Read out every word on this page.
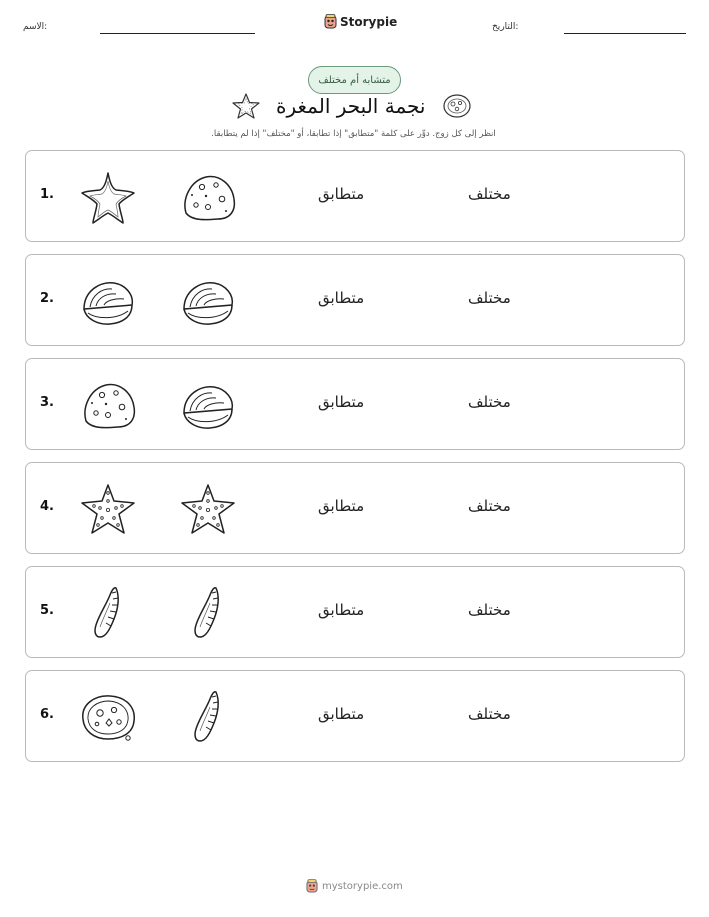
التاريخ:
Storypie
الاسم:
متشابه أم مختلف
نجمة البحر المغرة
انظر إلى كل زوج. دوِّر على كلمة "متطابق" إذا تطابقا، أو "مختلف" إذا لم يتطابقا.
1.	متطابق	مختلف
2.	متطابق	مختلف
3.	متطابق	مختلف
4.	متطابق	مختلف
5.	متطابق	مختلف
6.	متطابق	مختلف
mystorypie.com
